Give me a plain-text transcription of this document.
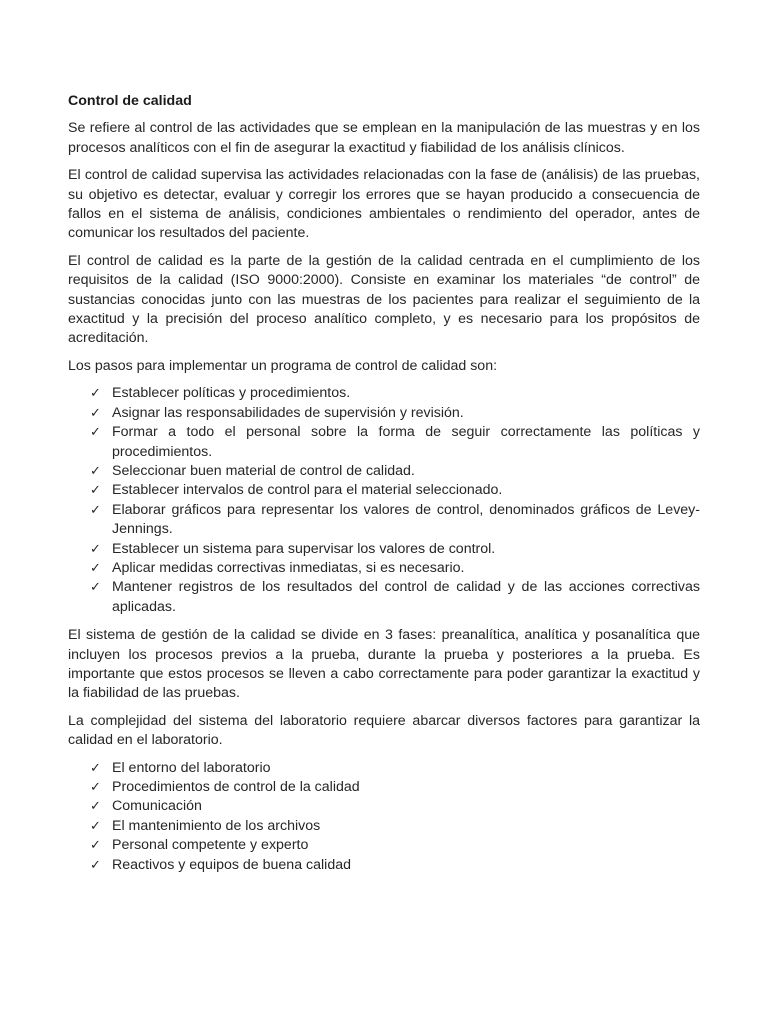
Control de calidad

Se refiere al control de las actividades que se emplean en la manipulación de las muestras y en los procesos analíticos con el fin de asegurar la exactitud y fiabilidad de los análisis clínicos.

El control de calidad supervisa las actividades relacionadas con la fase de (análisis) de las pruebas, su objetivo es detectar, evaluar y corregir los errores que se hayan producido a consecuencia de fallos en el sistema de análisis, condiciones ambientales o rendimiento del operador, antes de comunicar los resultados del paciente.

El control de calidad es la parte de la gestión de la calidad centrada en el cumplimiento de los requisitos de la calidad (ISO 9000:2000). Consiste en examinar los materiales “de control” de sustancias conocidas junto con las muestras de los pacientes para realizar el seguimiento de la exactitud y la precisión del proceso analítico completo, y es necesario para los propósitos de acreditación.

Los pasos para implementar un programa de control de calidad son:

✓ Establecer políticas y procedimientos.
✓ Asignar las responsabilidades de supervisión y revisión.
✓ Formar a todo el personal sobre la forma de seguir correctamente las políticas y procedimientos.
✓ Seleccionar buen material de control de calidad.
✓ Establecer intervalos de control para el material seleccionado.
✓ Elaborar gráficos para representar los valores de control, denominados gráficos de Levey-Jennings.
✓ Establecer un sistema para supervisar los valores de control.
✓ Aplicar medidas correctivas inmediatas, si es necesario.
✓ Mantener registros de los resultados del control de calidad y de las acciones correctivas aplicadas.

El sistema de gestión de la calidad se divide en 3 fases: preanalítica, analítica y posanalítica que incluyen los procesos previos a la prueba, durante la prueba y posteriores a la prueba. Es importante que estos procesos se lleven a cabo correctamente para poder garantizar la exactitud y la fiabilidad de las pruebas.

La complejidad del sistema del laboratorio requiere abarcar diversos factores para garantizar la calidad en el laboratorio.

✓ El entorno del laboratorio
✓ Procedimientos de control de la calidad
✓ Comunicación
✓ El mantenimiento de los archivos
✓ Personal competente y experto
✓ Reactivos y equipos de buena calidad
